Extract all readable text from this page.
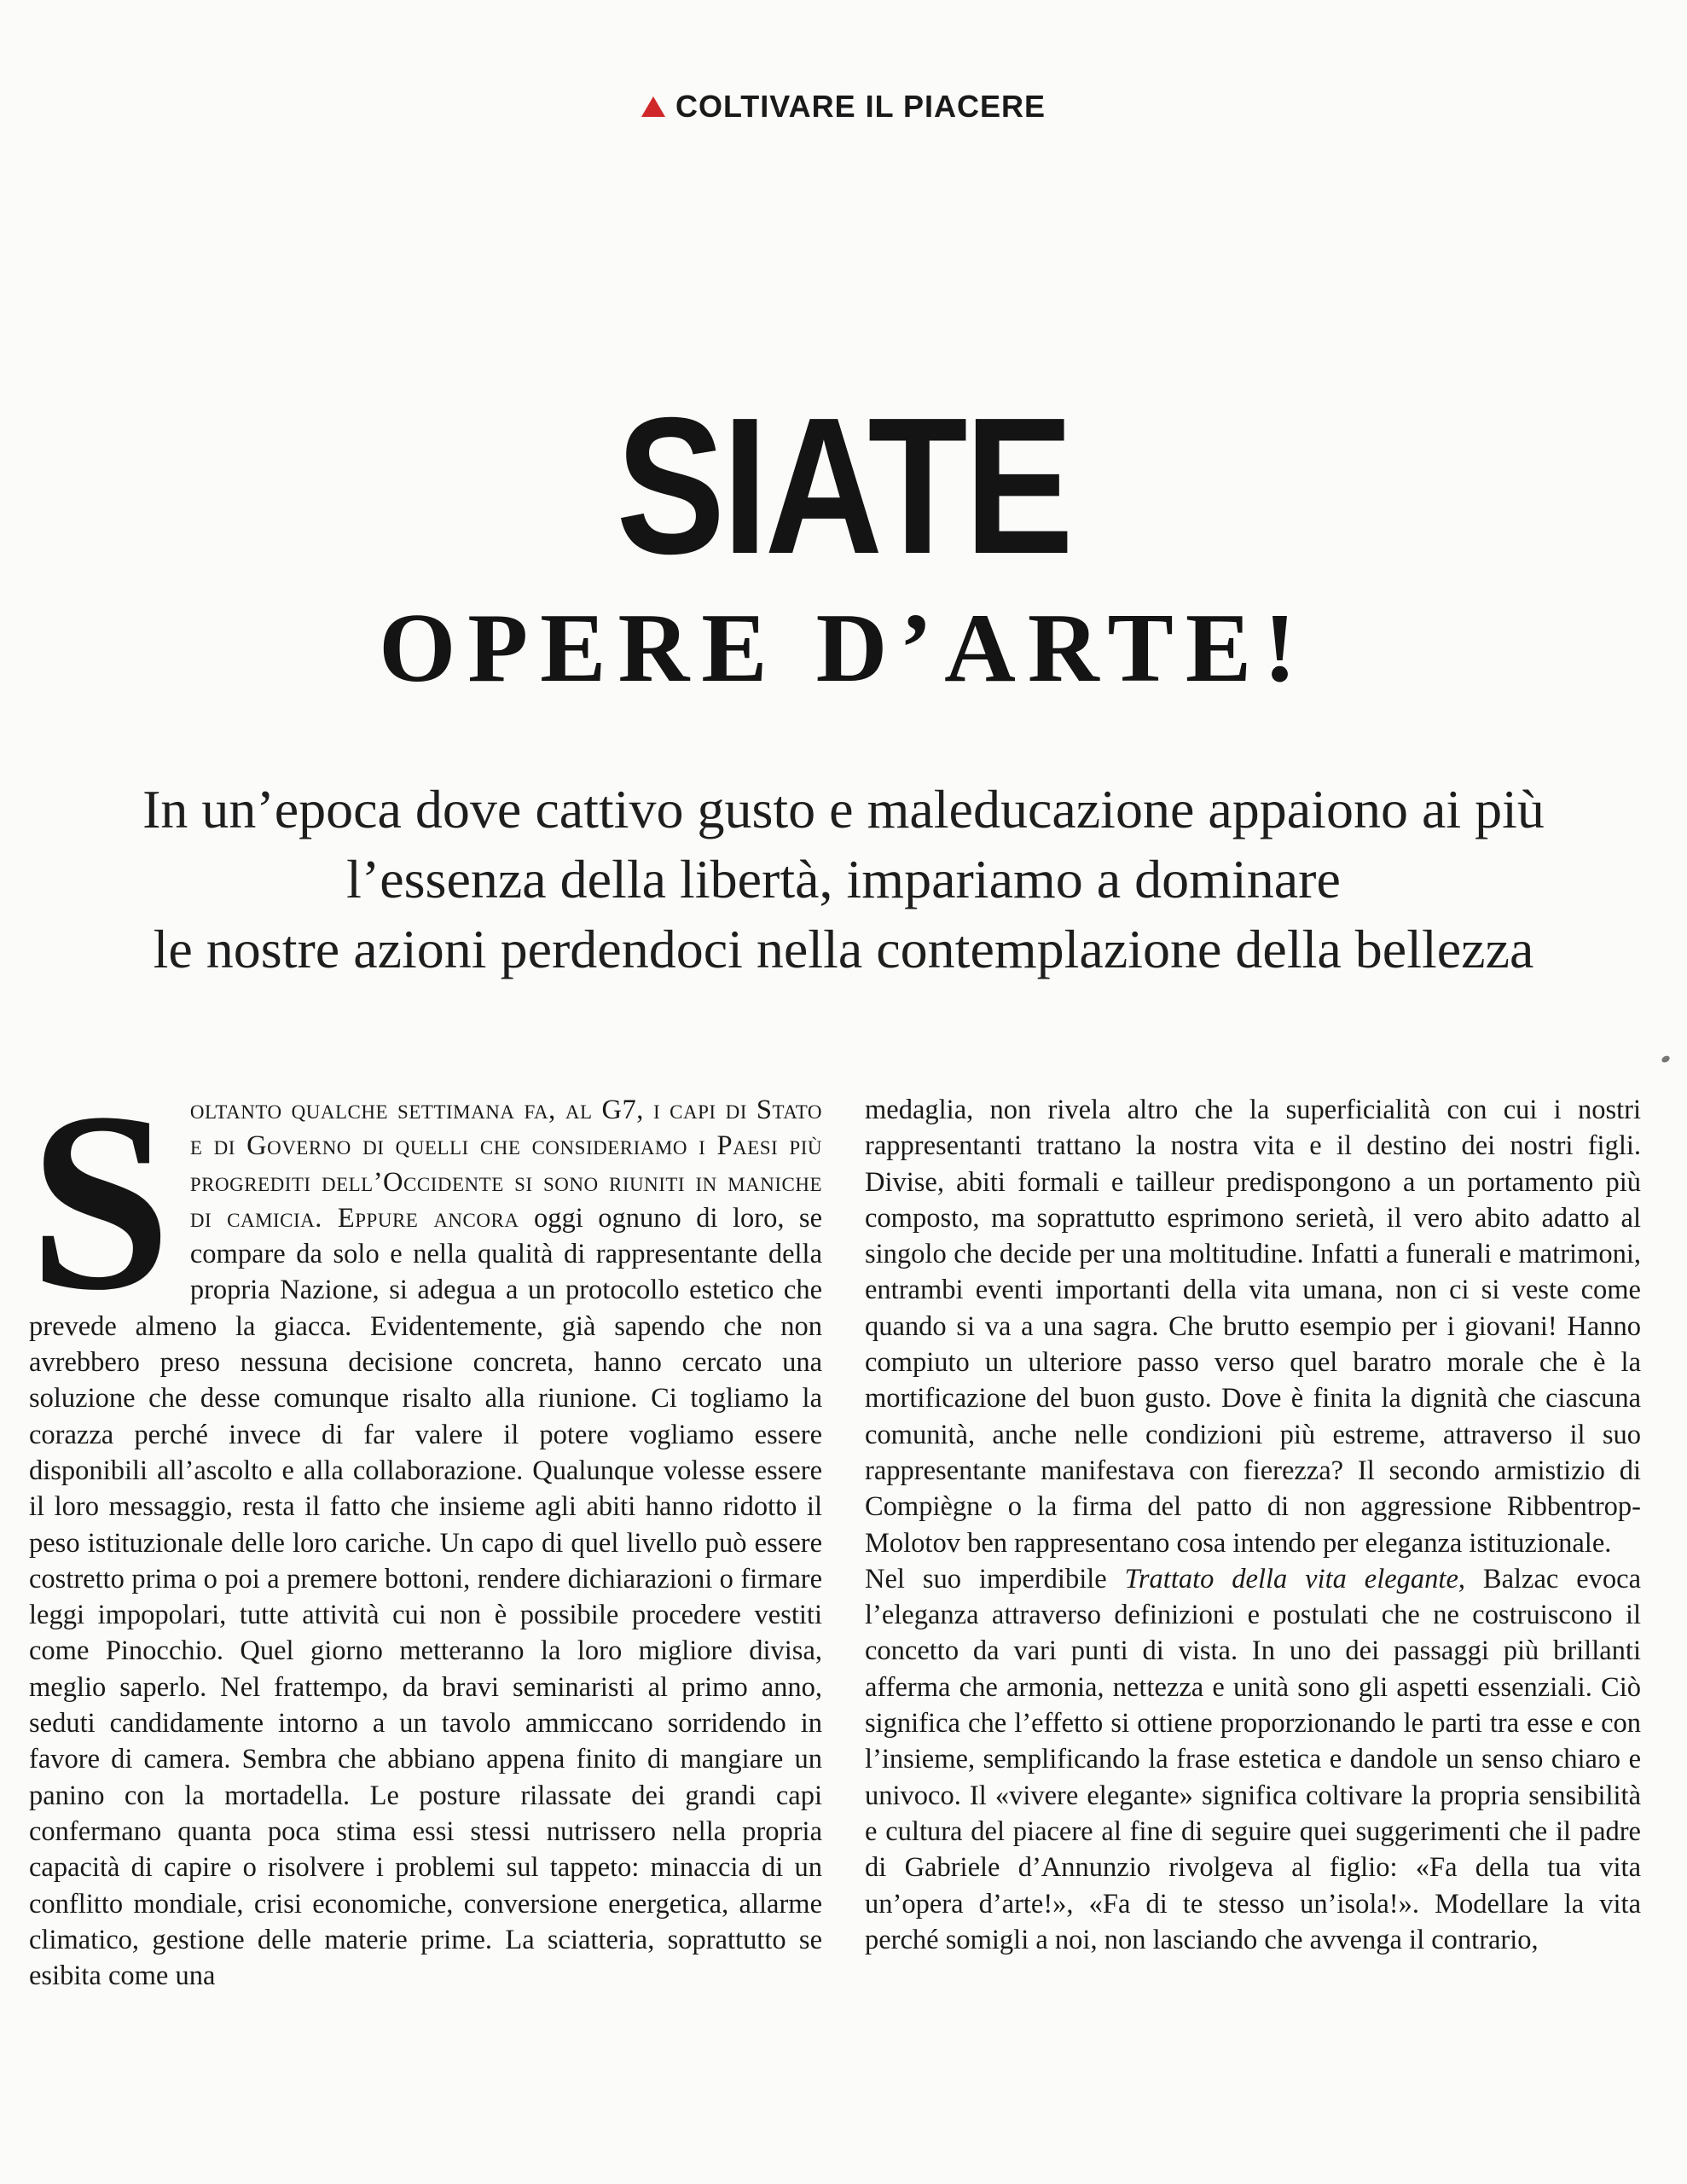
COLTIVARE IL PIACERE
SIATE
OPERE D’ARTE!
In un’epoca dove cattivo gusto e maleducazione appaiono ai più
l’essenza della libertà, impariamo a dominare
le nostre azioni perdendoci nella contemplazione della bellezza

Soltanto qualche settimana fa, al G7, i capi di Stato e di Governo di quelli che consideriamo i Paesi più progrediti dell’Occidente si sono riuniti in maniche di camicia. Eppure ancora oggi ognuno di loro, se compare da solo e nella qualità di rappresentante della propria Nazione, si adegua a un protocollo estetico che prevede almeno la giacca. Evidentemente, già sapendo che non avrebbero preso nessuna decisione concreta, hanno cercato una soluzione che desse comunque risalto alla riunione. Ci togliamo la corazza perché invece di far valere il potere vogliamo essere disponibili all’ascolto e alla collaborazione. Qualunque volesse essere il loro messaggio, resta il fatto che insieme agli abiti hanno ridotto il peso istituzionale delle loro cariche. Un capo di quel livello può essere costretto prima o poi a premere bottoni, rendere dichiarazioni o firmare leggi impopolari, tutte attività cui non è possibile procedere vestiti come Pinocchio. Quel giorno metteranno la loro migliore divisa, meglio saperlo. Nel frattempo, da bravi seminaristi al primo anno, seduti candidamente intorno a un tavolo ammiccano sorridendo in favore di camera. Sembra che abbiano appena finito di mangiare un panino con la mortadella. Le posture rilassate dei grandi capi confermano quanta poca stima essi stessi nutrissero nella propria capacità di capire o risolvere i problemi sul tappeto: minaccia di un conflitto mondiale, crisi economiche, conversione energetica, allarme climatico, gestione delle materie prime. La sciatteria, soprattutto se esibita come una

medaglia, non rivela altro che la superficialità con cui i nostri rappresentanti trattano la nostra vita e il destino dei nostri figli. Divise, abiti formali e tailleur predispongono a un portamento più composto, ma soprattutto esprimono serietà, il vero abito adatto al singolo che decide per una moltitudine. Infatti a funerali e matrimoni, entrambi eventi importanti della vita umana, non ci si veste come quando si va a una sagra. Che brutto esempio per i giovani! Hanno compiuto un ulteriore passo verso quel baratro morale che è la mortificazione del buon gusto. Dove è finita la dignità che ciascuna comunità, anche nelle condizioni più estreme, attraverso il suo rappresentante manifestava con fierezza? Il secondo armistizio di Compiègne o la firma del patto di non aggressione Ribbentrop-Molotov ben rappresentano cosa intendo per eleganza istituzionale.

Nel suo imperdibile Trattato della vita elegante, Balzac evoca l’eleganza attraverso definizioni e postulati che ne costruiscono il concetto da vari punti di vista. In uno dei passaggi più brillanti afferma che armonia, nettezza e unità sono gli aspetti essenziali. Ciò significa che l’effetto si ottiene proporzionando le parti tra esse e con l’insieme, semplificando la frase estetica e dandole un senso chiaro e univoco. Il «vivere elegante» significa coltivare la propria sensibilità e cultura del piacere al fine di seguire quei suggerimenti che il padre di Gabriele d’Annunzio rivolgeva al figlio: «Fa della tua vita un’opera d’arte!», «Fa di te stesso un’isola!». Modellare la vita perché somigli a noi, non lasciando che avvenga il contrario,
